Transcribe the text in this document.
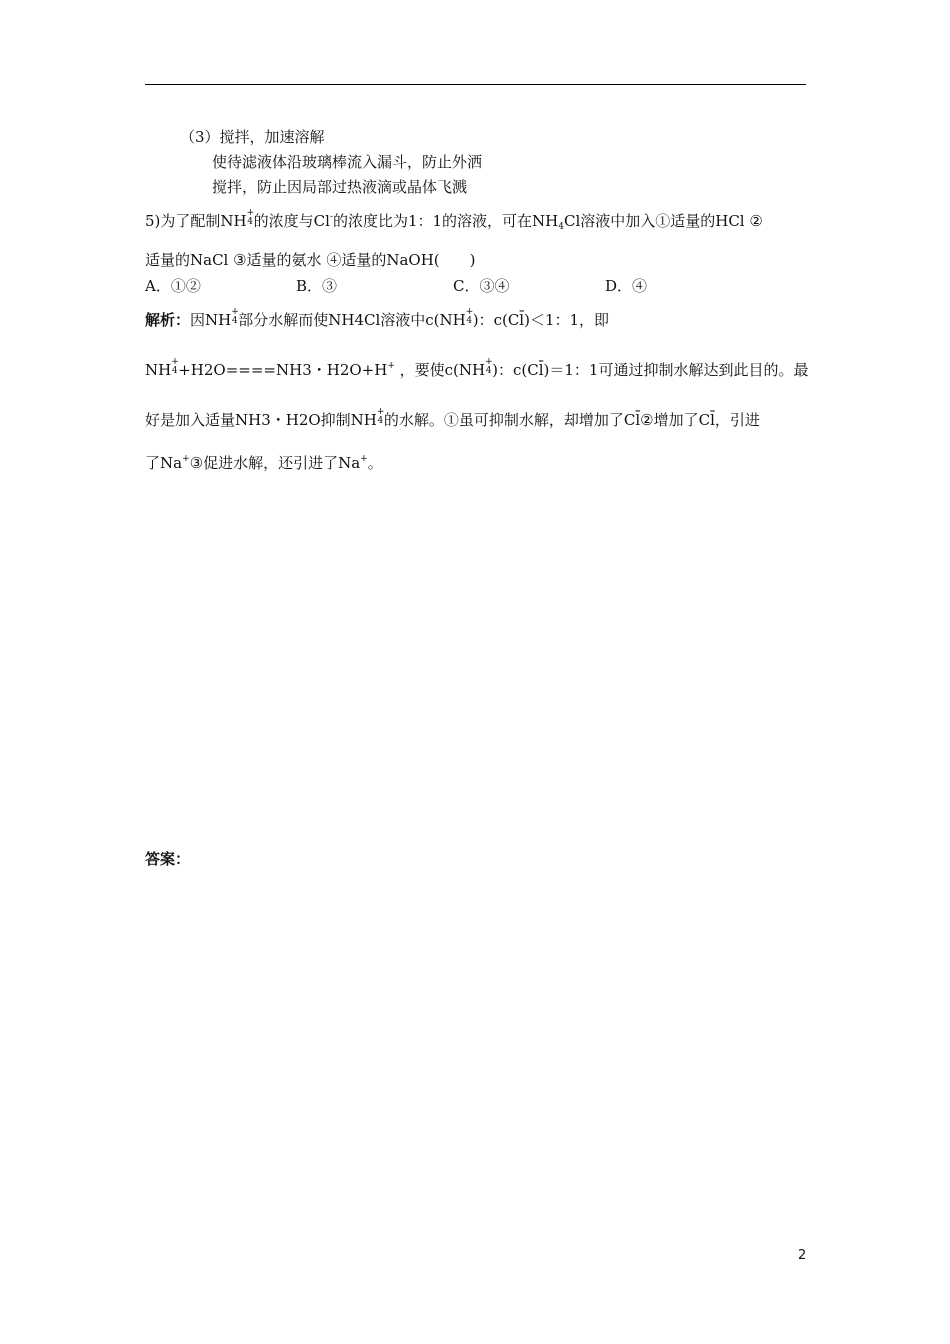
（3）搅拌，加速溶解
使待滤液体沿玻璃棒流入漏斗，防止外洒
搅拌，防止因局部过热液滴或晶体飞溅
5)为了配制NH +
4 的浓度与Cl-的浓度比为1：1的溶液，可在$NH_4Cl$溶液中加入①适量的HCl ②
适量的NaCl ③适量的氨水 ④适量的NaOH(　　)
A．①②	B．③	C．③④	D．④
解析：因NH +
4 部分水解而使NH4Cl溶液中c(NH +
4 )：c(Cl̄)＜1：1，即
NH +
4 +H2O====NH3・H2O+H+ ，要使c(NH +
4 )：c(Cl̄)＝1：1可通过抑制水解达到此目的。最
好是加入适量NH3・H2O抑制NH +
4 的水解。①虽可抑制水解，却增加了Cl̄②增加了Cl̄，引进
了Na+③促进水解，还引进了Na+。
答案：
2
